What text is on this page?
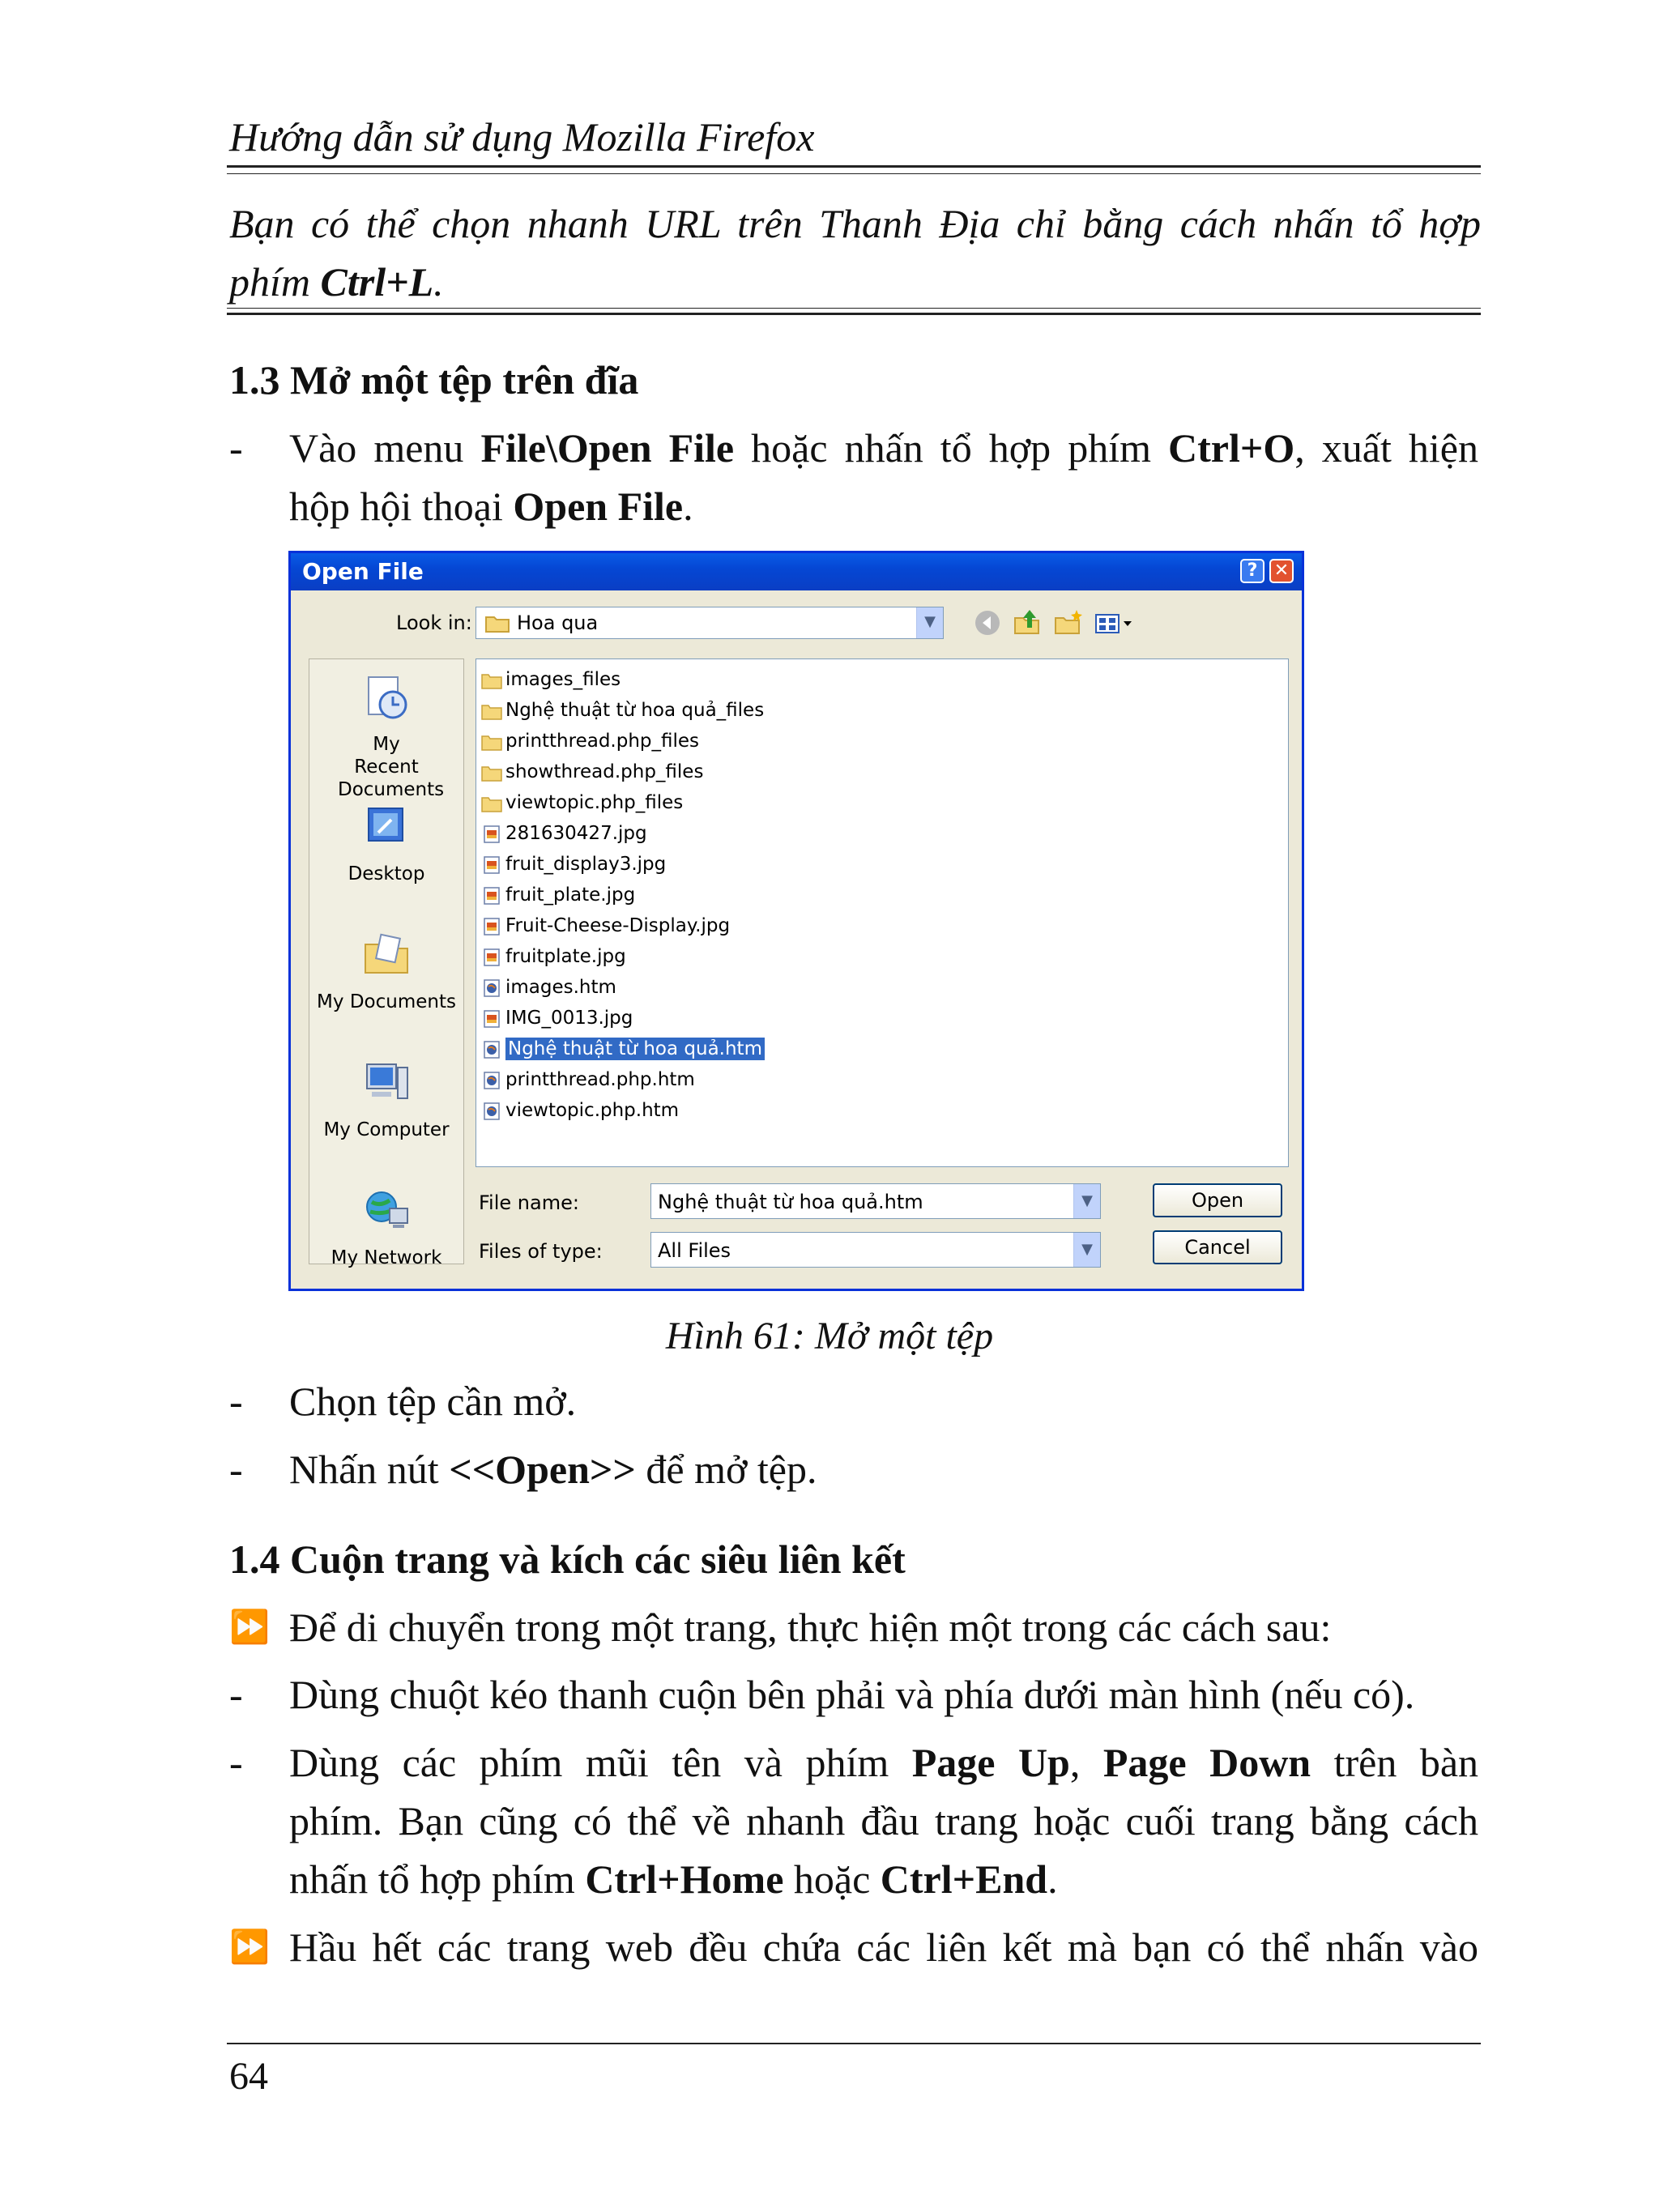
Hướng dẫn sử dụng Mozilla Firefox
Bạn có thể chọn nhanh URL trên Thanh Địa chỉ bằng cách nhấn tổ hợp
phím Ctrl+L.
1.3 Mở một tệp trên đĩa
- Vào menu File\Open File hoặc nhấn tổ hợp phím Ctrl+O, xuất hiện
hộp hội thoại Open File.
Open File	? ✕
Look in: Hoa qua	▼
My Recent Documents
Desktop
My Documents
My Computer
My Network
images_files
Nghệ thuật từ hoa quả_files
printthread.php_files
showthread.php_files
viewtopic.php_files
281630427.jpg
fruit_display3.jpg
fruit_plate.jpg
Fruit-Cheese-Display.jpg
fruitplate.jpg
images.htm
IMG_0013.jpg
Nghệ thuật từ hoa quả.htm
printthread.php.htm
viewtopic.php.htm
File name:	Nghệ thuật từ hoa quả.htm	▼
Files of type:	All Files	▼
Open
Cancel
Hình 61: Mở một tệp
- Chọn tệp cần mở.
- Nhấn nút <<Open>> để mở tệp.
1.4 Cuộn trang và kích các siêu liên kết
⏩ Để di chuyển trong một trang, thực hiện một trong các cách sau:
- Dùng chuột kéo thanh cuộn bên phải và phía dưới màn hình (nếu có).
- Dùng các phím mũi tên và phím Page Up, Page Down trên bàn
phím. Bạn cũng có thể về nhanh đầu trang hoặc cuối trang bằng cách
nhấn tổ hợp phím Ctrl+Home hoặc Ctrl+End.
⏩ Hầu hết các trang web đều chứa các liên kết mà bạn có thể nhấn vào
64
